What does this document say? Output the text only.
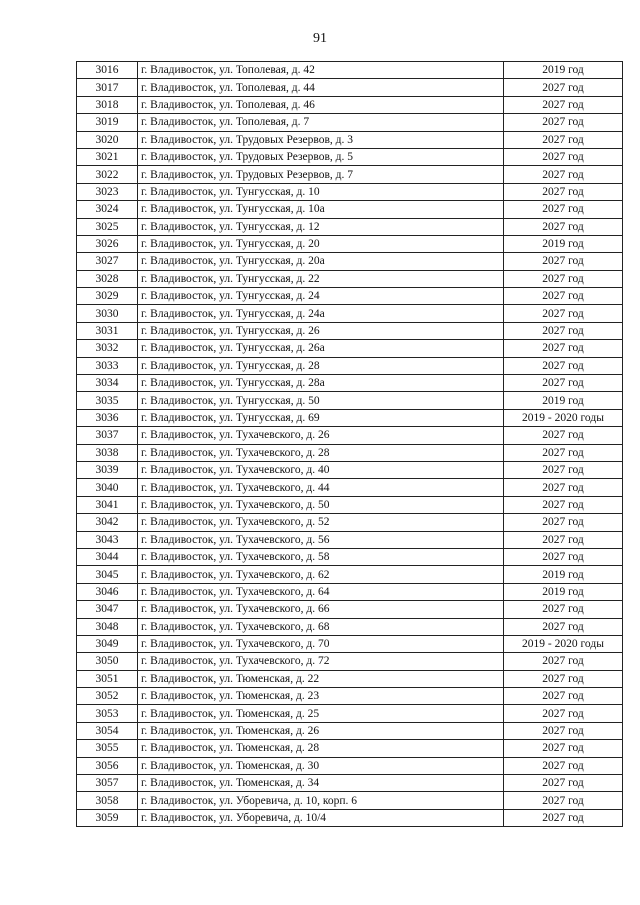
91
3016	г. Владивосток, ул. Тополевая, д. 42	2019 год
3017	г. Владивосток, ул. Тополевая, д. 44	2027 год
3018	г. Владивосток, ул. Тополевая, д. 46	2027 год
3019	г. Владивосток, ул. Тополевая, д. 7	2027 год
3020	г. Владивосток, ул. Трудовых Резервов, д. 3	2027 год
3021	г. Владивосток, ул. Трудовых Резервов, д. 5	2027 год
3022	г. Владивосток, ул. Трудовых Резервов, д. 7	2027 год
3023	г. Владивосток, ул. Тунгусская, д. 10	2027 год
3024	г. Владивосток, ул. Тунгусская, д. 10а	2027 год
3025	г. Владивосток, ул. Тунгусская, д. 12	2027 год
3026	г. Владивосток, ул. Тунгусская, д. 20	2019 год
3027	г. Владивосток, ул. Тунгусская, д. 20а	2027 год
3028	г. Владивосток, ул. Тунгусская, д. 22	2027 год
3029	г. Владивосток, ул. Тунгусская, д. 24	2027 год
3030	г. Владивосток, ул. Тунгусская, д. 24а	2027 год
3031	г. Владивосток, ул. Тунгусская, д. 26	2027 год
3032	г. Владивосток, ул. Тунгусская, д. 26а	2027 год
3033	г. Владивосток, ул. Тунгусская, д. 28	2027 год
3034	г. Владивосток, ул. Тунгусская, д. 28а	2027 год
3035	г. Владивосток, ул. Тунгусская, д. 50	2019 год
3036	г. Владивосток, ул. Тунгусская, д. 69	2019 - 2020 годы
3037	г. Владивосток, ул. Тухачевского, д. 26	2027 год
3038	г. Владивосток, ул. Тухачевского, д. 28	2027 год
3039	г. Владивосток, ул. Тухачевского, д. 40	2027 год
3040	г. Владивосток, ул. Тухачевского, д. 44	2027 год
3041	г. Владивосток, ул. Тухачевского, д. 50	2027 год
3042	г. Владивосток, ул. Тухачевского, д. 52	2027 год
3043	г. Владивосток, ул. Тухачевского, д. 56	2027 год
3044	г. Владивосток, ул. Тухачевского, д. 58	2027 год
3045	г. Владивосток, ул. Тухачевского, д. 62	2019 год
3046	г. Владивосток, ул. Тухачевского, д. 64	2019 год
3047	г. Владивосток, ул. Тухачевского, д. 66	2027 год
3048	г. Владивосток, ул. Тухачевского, д. 68	2027 год
3049	г. Владивосток, ул. Тухачевского, д. 70	2019 - 2020 годы
3050	г. Владивосток, ул. Тухачевского, д. 72	2027 год
3051	г. Владивосток, ул. Тюменская, д. 22	2027 год
3052	г. Владивосток, ул. Тюменская, д. 23	2027 год
3053	г. Владивосток, ул. Тюменская, д. 25	2027 год
3054	г. Владивосток, ул. Тюменская, д. 26	2027 год
3055	г. Владивосток, ул. Тюменская, д. 28	2027 год
3056	г. Владивосток, ул. Тюменская, д. 30	2027 год
3057	г. Владивосток, ул. Тюменская, д. 34	2027 год
3058	г. Владивосток, ул. Уборевича, д. 10, корп. 6	2027 год
3059	г. Владивосток, ул. Уборевича, д. 10/4	2027 год
